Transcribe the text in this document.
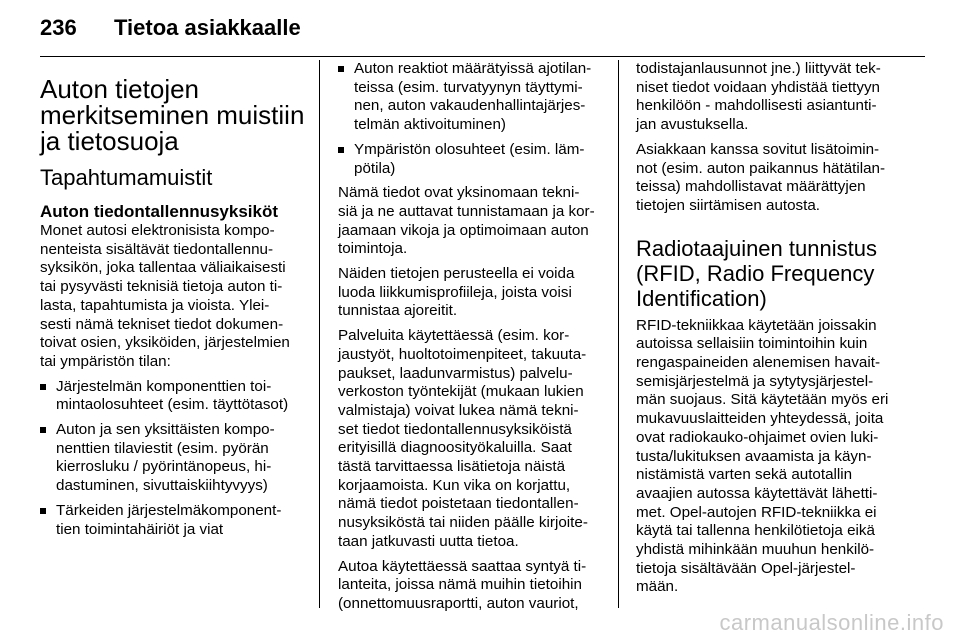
236 Tietoa asiakkaalle
Auton tietojen
merkitseminen muistiin
ja tietosuoja
Tapahtumamuistit
Auton tiedontallennusyksiköt
Monet autosi elektronisista kompo-
nenteista sisältävät tiedontallennu-
syksikön, joka tallentaa väliaikaisesti
tai pysyvästi teknisiä tietoja auton ti-
lasta, tapahtumista ja vioista. Ylei-
sesti nämä tekniset tiedot dokumen-
toivat osien, yksiköiden, järjestelmien
tai ympäristön tilan:
Järjestelmän komponenttien toi-
mintaolosuhteet (esim. täyttötasot)
Auton ja sen yksittäisten kompo-
nenttien tilaviestit (esim. pyörän
kierrosluku / pyörintänopeus, hi-
dastuminen, sivuttaiskiihtyvyys)
Tärkeiden järjestelmäkomponent-
tien toimintahäiriöt ja viat
Auton reaktiot määrätyissä ajotilan-
teissa (esim. turvatyynyn täyttymi-
nen, auton vakaudenhallintajärjes-
telmän aktivoituminen)
Ympäristön olosuhteet (esim. läm-
pötila)
Nämä tiedot ovat yksinomaan tekni-
siä ja ne auttavat tunnistamaan ja kor-
jaamaan vikoja ja optimoimaan auton
toimintoja.
Näiden tietojen perusteella ei voida
luoda liikkumisprofiileja, joista voisi
tunnistaa ajoreitit.
Palveluita käytettäessä (esim. kor-
jaustyöt, huoltotoimenpiteet, takuuta-
paukset, laadunvarmistus) palvelu-
verkoston työntekijät (mukaan lukien
valmistaja) voivat lukea nämä tekni-
set tiedot tiedontallennusyksiköistä
erityisillä diagnoosityökaluilla. Saat
tästä tarvittaessa lisätietoja näistä
korjaamoista. Kun vika on korjattu,
nämä tiedot poistetaan tiedontallen-
nusyksiköstä tai niiden päälle kirjoite-
taan jatkuvasti uutta tietoa.
Autoa käytettäessä saattaa syntyä ti-
lanteita, joissa nämä muihin tietoihin
(onnettomuusraportti, auton vauriot,
todistajanlausunnot jne.) liittyvät tek-
niset tiedot voidaan yhdistää tiettyyn
henkilöön - mahdollisesti asiantunti-
jan avustuksella.
Asiakkaan kanssa sovitut lisätoimin-
not (esim. auton paikannus hätätilan-
teissa) mahdollistavat määrättyjen
tietojen siirtämisen autosta.
Radiotaajuinen tunnistus
(RFID, Radio Frequency
Identification)
RFID-tekniikkaa käytetään joissakin
autoissa sellaisiin toimintoihin kuin
rengaspaineiden alenemisen havait-
semisjärjestelmä ja sytytysjärjestel-
män suojaus. Sitä käytetään myös eri
mukavuuslaitteiden yhteydessä, joita
ovat radiokauko-ohjaimet ovien luki-
tusta/lukituksen avaamista ja käyn-
nistämistä varten sekä autotallin
avaajien autossa käytettävät lähetti-
met. Opel-autojen RFID-tekniikka ei
käytä tai tallenna henkilötietoja eikä
yhdistä mihinkään muuhun henkilö-
tietoja sisältävään Opel-järjestel-
mään.
carmanualsonline.info
